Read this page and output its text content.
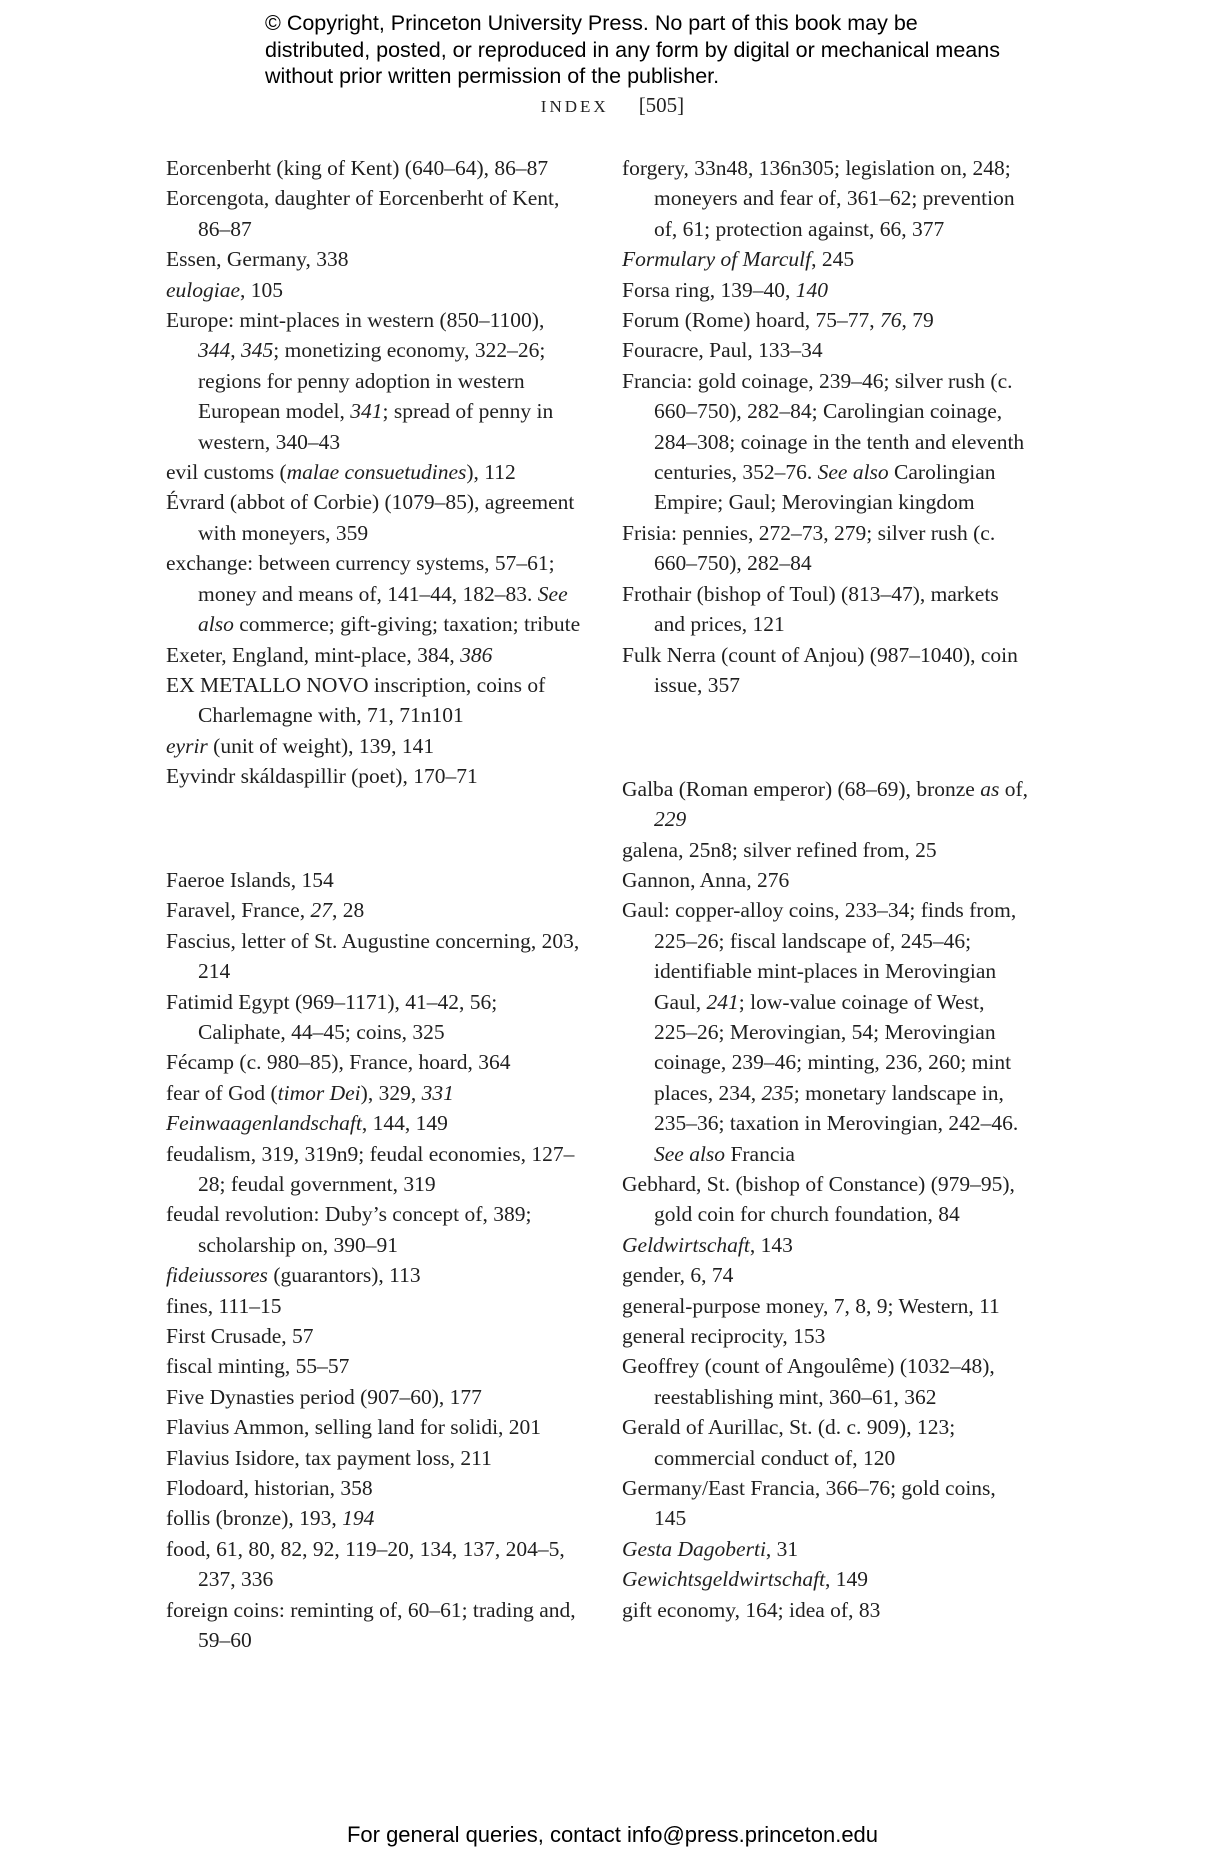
© Copyright, Princeton University Press. No part of this book may be distributed, posted, or reproduced in any form by digital or mechanical means without prior written permission of the publisher.
INDEX [505]

Eorcenberht (king of Kent) (640–64), 86–87

Eorcengota, daughter of Eorcenberht of Kent, 86–87

Essen, Germany, 338

eulogiae, 105

Europe: mint-places in western (850–1100), 344, 345; monetizing economy, 322–26; regions for penny adoption in western European model, 341; spread of penny in western, 340–43

evil customs (malae consuetudines), 112

Évrard (abbot of Corbie) (1079–85), agreement with moneyers, 359

exchange: between currency systems, 57–61; money and means of, 141–44, 182–83. See also commerce; gift-giving; taxation; tribute

Exeter, England, mint-place, 384, 386

EX METALLO NOVO inscription, coins of Charlemagne with, 71, 71n101

eyrir (unit of weight), 139, 141

Eyvindr skáldaspillir (poet), 170–71

Faeroe Islands, 154

Faravel, France, 27, 28

Fascius, letter of St. Augustine concerning, 203, 214

Fatimid Egypt (969–1171), 41–42, 56; Caliphate, 44–45; coins, 325

Fécamp (c. 980–85), France, hoard, 364

fear of God (timor Dei), 329, 331

Feinwaagenlandschaft, 144, 149

feudalism, 319, 319n9; feudal economies, 127–28; feudal government, 319

feudal revolution: Duby’s concept of, 389; scholarship on, 390–91

fideiussores (guarantors), 113

fines, 111–15

First Crusade, 57

fiscal minting, 55–57

Five Dynasties period (907–60), 177

Flavius Ammon, selling land for solidi, 201

Flavius Isidore, tax payment loss, 211

Flodoard, historian, 358

follis (bronze), 193, 194

food, 61, 80, 82, 92, 119–20, 134, 137, 204–5, 237, 336

foreign coins: reminting of, 60–61; trading and, 59–60

forgery, 33n48, 136n305; legislation on, 248; moneyers and fear of, 361–62; prevention of, 61; protection against, 66, 377

Formulary of Marculf, 245

Forsa ring, 139–40, 140

Forum (Rome) hoard, 75–77, 76, 79

Fouracre, Paul, 133–34

Francia: gold coinage, 239–46; silver rush (c. 660–750), 282–84; Carolingian coinage, 284–308; coinage in the tenth and eleventh centuries, 352–76. See also Carolingian Empire; Gaul; Merovingian kingdom

Frisia: pennies, 272–73, 279; silver rush (c. 660–750), 282–84

Frothair (bishop of Toul) (813–47), markets and prices, 121

Fulk Nerra (count of Anjou) (987–1040), coin issue, 357

Galba (Roman emperor) (68–69), bronze as of, 229

galena, 25n8; silver refined from, 25

Gannon, Anna, 276

Gaul: copper-alloy coins, 233–34; finds from, 225–26; fiscal landscape of, 245–46; identifiable mint-places in Merovingian Gaul, 241; low-value coinage of West, 225–26; Merovingian, 54; Merovingian coinage, 239–46; minting, 236, 260; mint places, 234, 235; monetary landscape in, 235–36; taxation in Merovingian, 242–46. See also Francia

Gebhard, St. (bishop of Constance) (979–95), gold coin for church foundation, 84

Geldwirtschaft, 143

gender, 6, 74

general-purpose money, 7, 8, 9; Western, 11

general reciprocity, 153

Geoffrey (count of Angoulême) (1032–48), reestablishing mint, 360–61, 362

Gerald of Aurillac, St. (d. c. 909), 123; commercial conduct of, 120

Germany/East Francia, 366–76; gold coins, 145

Gesta Dagoberti, 31

Gewichtsgeldwirtschaft, 149

gift economy, 164; idea of, 83

For general queries, contact info@press.princeton.edu
